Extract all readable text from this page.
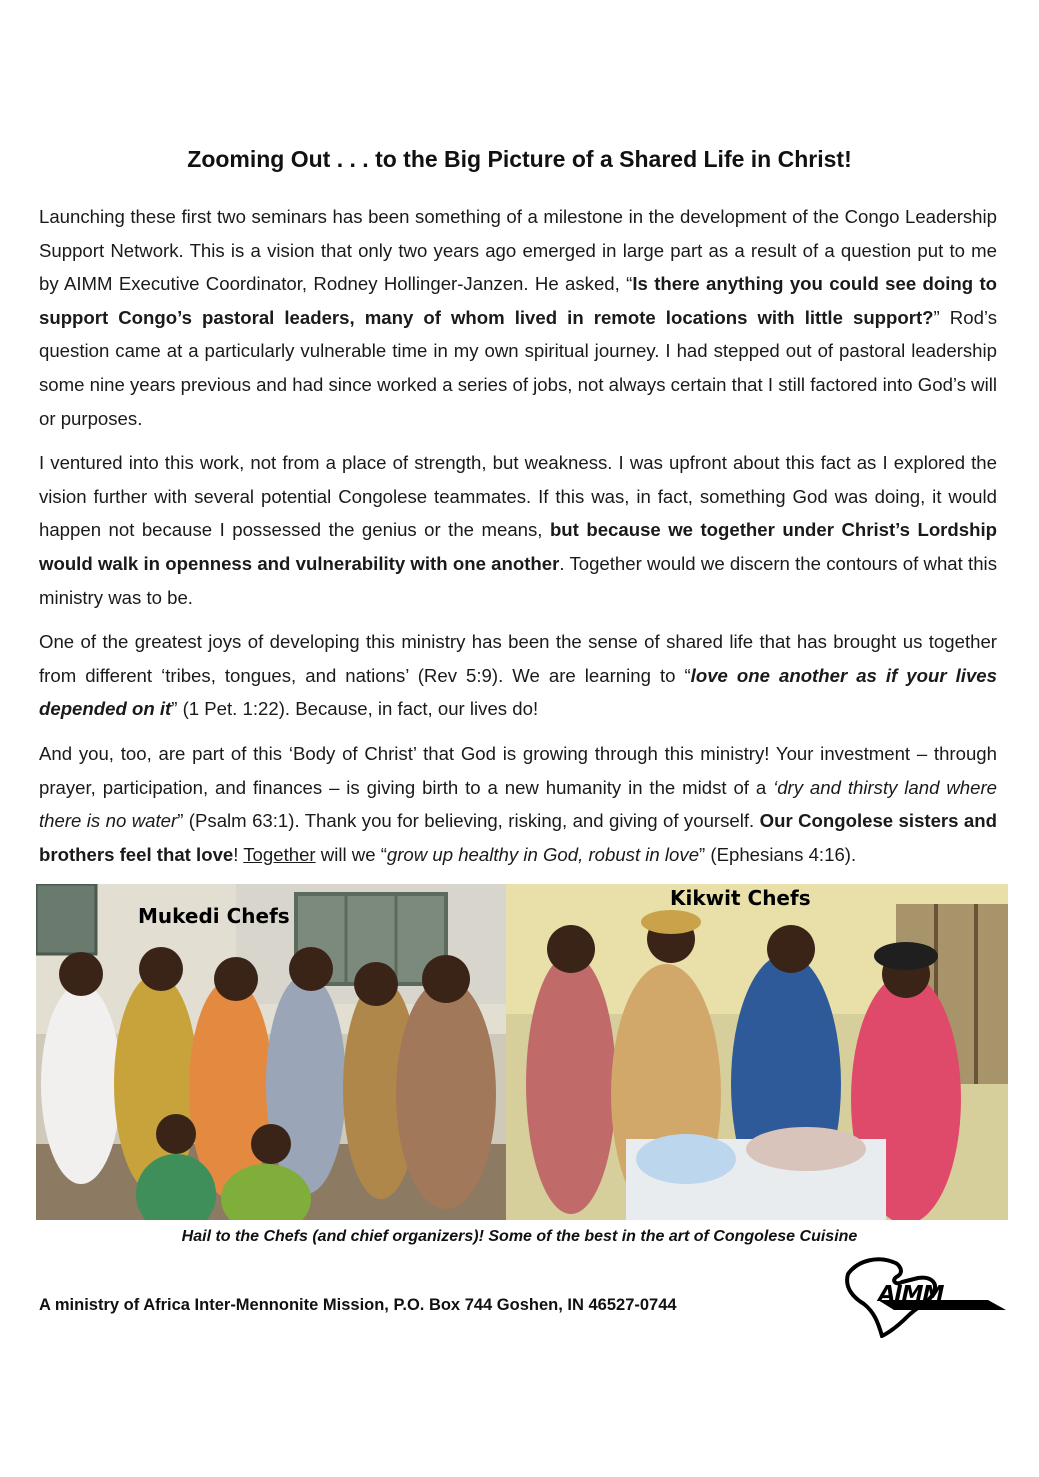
Zooming Out . . . to the Big Picture of a Shared Life in Christ!

Launching these first two seminars has been something of a milestone in the development of the Congo Leadership Support Network. This is a vision that only two years ago emerged in large part as a result of a question put to me by AIMM Executive Coordinator, Rodney Hollinger-Janzen. He asked, “Is there anything you could see doing to support Congo’s pastoral leaders, many of whom lived in remote locations with little support?” Rod’s question came at a particularly vulnerable time in my own spiritual journey. I had stepped out of pastoral leadership some nine years previous and had since worked a series of jobs, not always certain that I still factored into God’s will or purposes.

I ventured into this work, not from a place of strength, but weakness. I was upfront about this fact as I explored the vision further with several potential Congolese teammates. If this was, in fact, something God was doing, it would happen not because I possessed the genius or the means, but because we together under Christ’s Lordship would walk in openness and vulnerability with one another. Together would we discern the contours of what this ministry was to be.

One of the greatest joys of developing this ministry has been the sense of shared life that has brought us together from different ‘tribes, tongues, and nations’ (Rev 5:9). We are learning to “love one another as if your lives depended on it” (1 Pet. 1:22). Because, in fact, our lives do!

And you, too, are part of this ‘Body of Christ’ that God is growing through this ministry! Your investment – through prayer, participation, and finances – is giving birth to a new humanity in the midst of a ‘dry and thirsty land where there is no water” (Psalm 63:1). Thank you for believing, risking, and giving of yourself. Our Congolese sisters and brothers feel that love! Together will we “grow up healthy in God, robust in love” (Ephesians 4:16).

Mukedi Chefs
Kikwit Chefs
Hail to the Chefs (and chief organizers)! Some of the best in the art of Congolese Cuisine
A ministry of Africa Inter-Mennonite Mission, P.O. Box 744 Goshen, IN 46527-0744	AIMM
